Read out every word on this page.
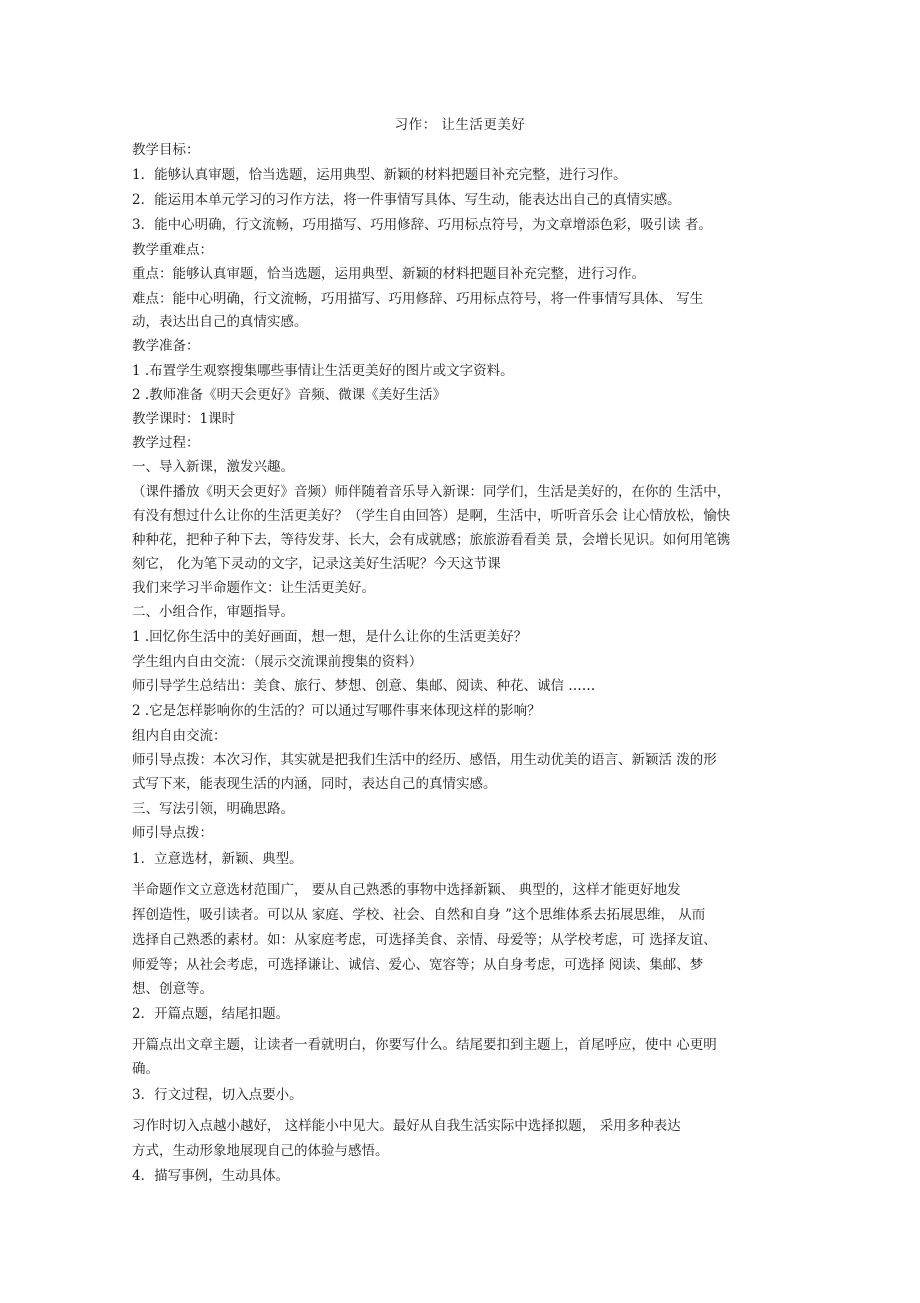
习作： 让生活更美好
教学目标：
1．能够认真审题，恰当选题，运用典型、新颖的材料把题目补充完整，进行习作。
2．能运用本单元学习的习作方法，将一件事情写具体、写生动，能表达出自己的真情实感。
3．能中心明确，行文流畅，巧用描写、巧用修辞、巧用标点符号，为文章增添色彩，吸引读 者。
教学重难点：
重点：能够认真审题，恰当选题，运用典型、新颖的材料把题目补充完整，进行习作。
难点：能中心明确，行文流畅，巧用描写、巧用修辞、巧用标点符号，将一件事情写具体、 写生
动，表达出自己的真情实感。
教学准备：
1 .布置学生观察搜集哪些事情让生活更美好的图片或文字资料。
2 .教师准备《明天会更好》音频、微课《美好生活》
教学课时：1课时
教学过程：
一、导入新课，激发兴趣。
（课件播放《明天会更好》音频）师伴随着音乐导入新课：同学们，生活是美好的，在你的 生活中，
有没有想过什么让你的生活更美好？（学生自由回答）是啊，生活中，听听音乐会 让心情放松，愉快
种种花，把种子种下去，等待发芽、长大，会有成就感；旅旅游看看美 景，会增长见识。如何用笔镌
刻它， 化为笔下灵动的文字，记录这美好生活呢？今天这节课
我们来学习半命题作文：让生活更美好。
二、小组合作，审题指导。
1 .回忆你生活中的美好画面，想一想，是什么让你的生活更美好？
学生组内自由交流：（展示交流课前搜集的资料）
师引导学生总结出：美食、旅行、梦想、创意、集邮、阅读、种花、诚信 ……
2 .它是怎样影响你的生活的？可以通过写哪件事来体现这样的影响？
组内自由交流：
师引导点拨：本次习作，其实就是把我们生活中的经历、感悟，用生动优美的语言、新颖活 泼的形
式写下来，能表现生活的内涵，同时，表达自己的真情实感。
三、写法引领，明确思路。
师引导点拨：
1．立意选材，新颖、典型。
半命题作文立意选材范围广， 要从自己熟悉的事物中选择新颖、 典型的，这样才能更好地发
挥创造性，吸引读者。可以从 家庭、学校、社会、自然和自身 ”这个思维体系去拓展思维， 从而
选择自己熟悉的素材。如：从家庭考虑，可选择美食、亲情、母爱等；从学校考虑，可 选择友谊、
师爱等；从社会考虑，可选择谦让、诚信、爱心、宽容等；从自身考虑，可选择 阅读、集邮、梦
想、创意等。
2．开篇点题，结尾扣题。
开篇点出文章主题，让读者一看就明白，你要写什么。结尾要扣到主题上，首尾呼应，使中 心更明
确。
3．行文过程，切入点要小。
习作时切入点越小越好， 这样能小中见大。最好从自我生活实际中选择拟题， 采用多种表达
方式，生动形象地展现自己的体验与感悟。
4．描写事例，生动具体。
